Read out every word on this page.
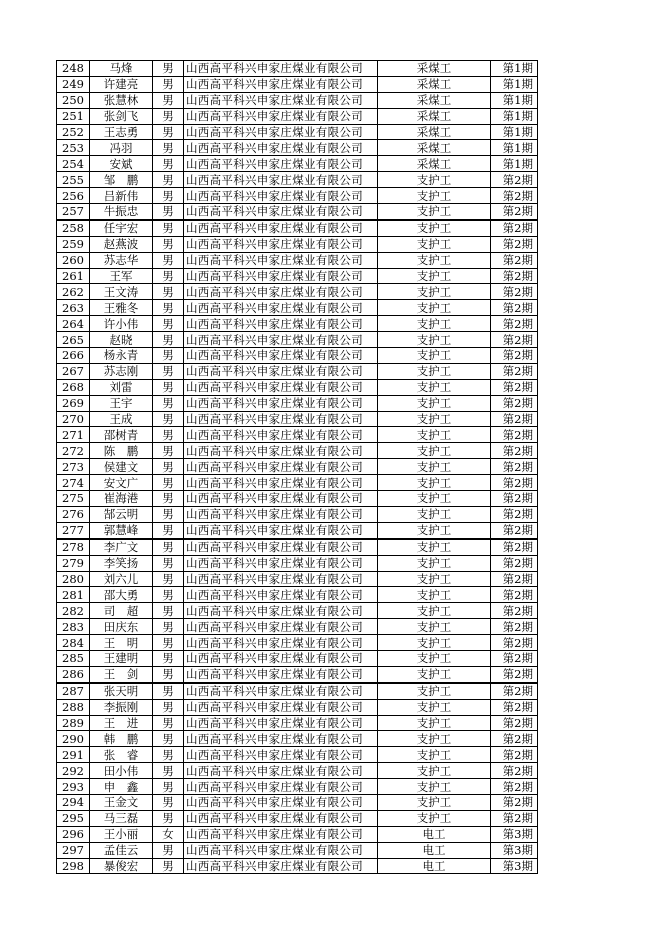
248	马烽	男	山西高平科兴申家庄煤业有限公司	采煤工	第1期
249	许建亮	男	山西高平科兴申家庄煤业有限公司	采煤工	第1期
250	张慧林	男	山西高平科兴申家庄煤业有限公司	采煤工	第1期
251	张剑飞	男	山西高平科兴申家庄煤业有限公司	采煤工	第1期
252	王志勇	男	山西高平科兴申家庄煤业有限公司	采煤工	第1期
253	冯羽	男	山西高平科兴申家庄煤业有限公司	采煤工	第1期
254	安斌	男	山西高平科兴申家庄煤业有限公司	采煤工	第1期
255	邹　鹏	男	山西高平科兴申家庄煤业有限公司	支护工	第2期
256	吕新伟	男	山西高平科兴申家庄煤业有限公司	支护工	第2期
257	牛振忠	男	山西高平科兴申家庄煤业有限公司	支护工	第2期
258	任宇宏	男	山西高平科兴申家庄煤业有限公司	支护工	第2期
259	赵燕波	男	山西高平科兴申家庄煤业有限公司	支护工	第2期
260	苏志华	男	山西高平科兴申家庄煤业有限公司	支护工	第2期
261	王军	男	山西高平科兴申家庄煤业有限公司	支护工	第2期
262	王文涛	男	山西高平科兴申家庄煤业有限公司	支护工	第2期
263	王雅冬	男	山西高平科兴申家庄煤业有限公司	支护工	第2期
264	许小伟	男	山西高平科兴申家庄煤业有限公司	支护工	第2期
265	赵晓	男	山西高平科兴申家庄煤业有限公司	支护工	第2期
266	杨永青	男	山西高平科兴申家庄煤业有限公司	支护工	第2期
267	苏志刚	男	山西高平科兴申家庄煤业有限公司	支护工	第2期
268	刘雷	男	山西高平科兴申家庄煤业有限公司	支护工	第2期
269	王宇	男	山西高平科兴申家庄煤业有限公司	支护工	第2期
270	王成	男	山西高平科兴申家庄煤业有限公司	支护工	第2期
271	邵树青	男	山西高平科兴申家庄煤业有限公司	支护工	第2期
272	陈　鹏	男	山西高平科兴申家庄煤业有限公司	支护工	第2期
273	侯建文	男	山西高平科兴申家庄煤业有限公司	支护工	第2期
274	安文广	男	山西高平科兴申家庄煤业有限公司	支护工	第2期
275	崔海港	男	山西高平科兴申家庄煤业有限公司	支护工	第2期
276	郜云明	男	山西高平科兴申家庄煤业有限公司	支护工	第2期
277	郭慧峰	男	山西高平科兴申家庄煤业有限公司	支护工	第2期
278	李广文	男	山西高平科兴申家庄煤业有限公司	支护工	第2期
279	李笑扬	男	山西高平科兴申家庄煤业有限公司	支护工	第2期
280	刘六儿	男	山西高平科兴申家庄煤业有限公司	支护工	第2期
281	邵大勇	男	山西高平科兴申家庄煤业有限公司	支护工	第2期
282	司　超	男	山西高平科兴申家庄煤业有限公司	支护工	第2期
283	田庆东	男	山西高平科兴申家庄煤业有限公司	支护工	第2期
284	王　明	男	山西高平科兴申家庄煤业有限公司	支护工	第2期
285	王建明	男	山西高平科兴申家庄煤业有限公司	支护工	第2期
286	王　剑	男	山西高平科兴申家庄煤业有限公司	支护工	第2期
287	张天明	男	山西高平科兴申家庄煤业有限公司	支护工	第2期
288	李振刚	男	山西高平科兴申家庄煤业有限公司	支护工	第2期
289	王　进	男	山西高平科兴申家庄煤业有限公司	支护工	第2期
290	韩　鹏	男	山西高平科兴申家庄煤业有限公司	支护工	第2期
291	张　睿	男	山西高平科兴申家庄煤业有限公司	支护工	第2期
292	田小伟	男	山西高平科兴申家庄煤业有限公司	支护工	第2期
293	申　鑫	男	山西高平科兴申家庄煤业有限公司	支护工	第2期
294	王金文	男	山西高平科兴申家庄煤业有限公司	支护工	第2期
295	马三磊	男	山西高平科兴申家庄煤业有限公司	支护工	第2期
296	王小丽	女	山西高平科兴申家庄煤业有限公司	电工	第3期
297	孟佳云	男	山西高平科兴申家庄煤业有限公司	电工	第3期
298	暴俊宏	男	山西高平科兴申家庄煤业有限公司	电工	第3期
